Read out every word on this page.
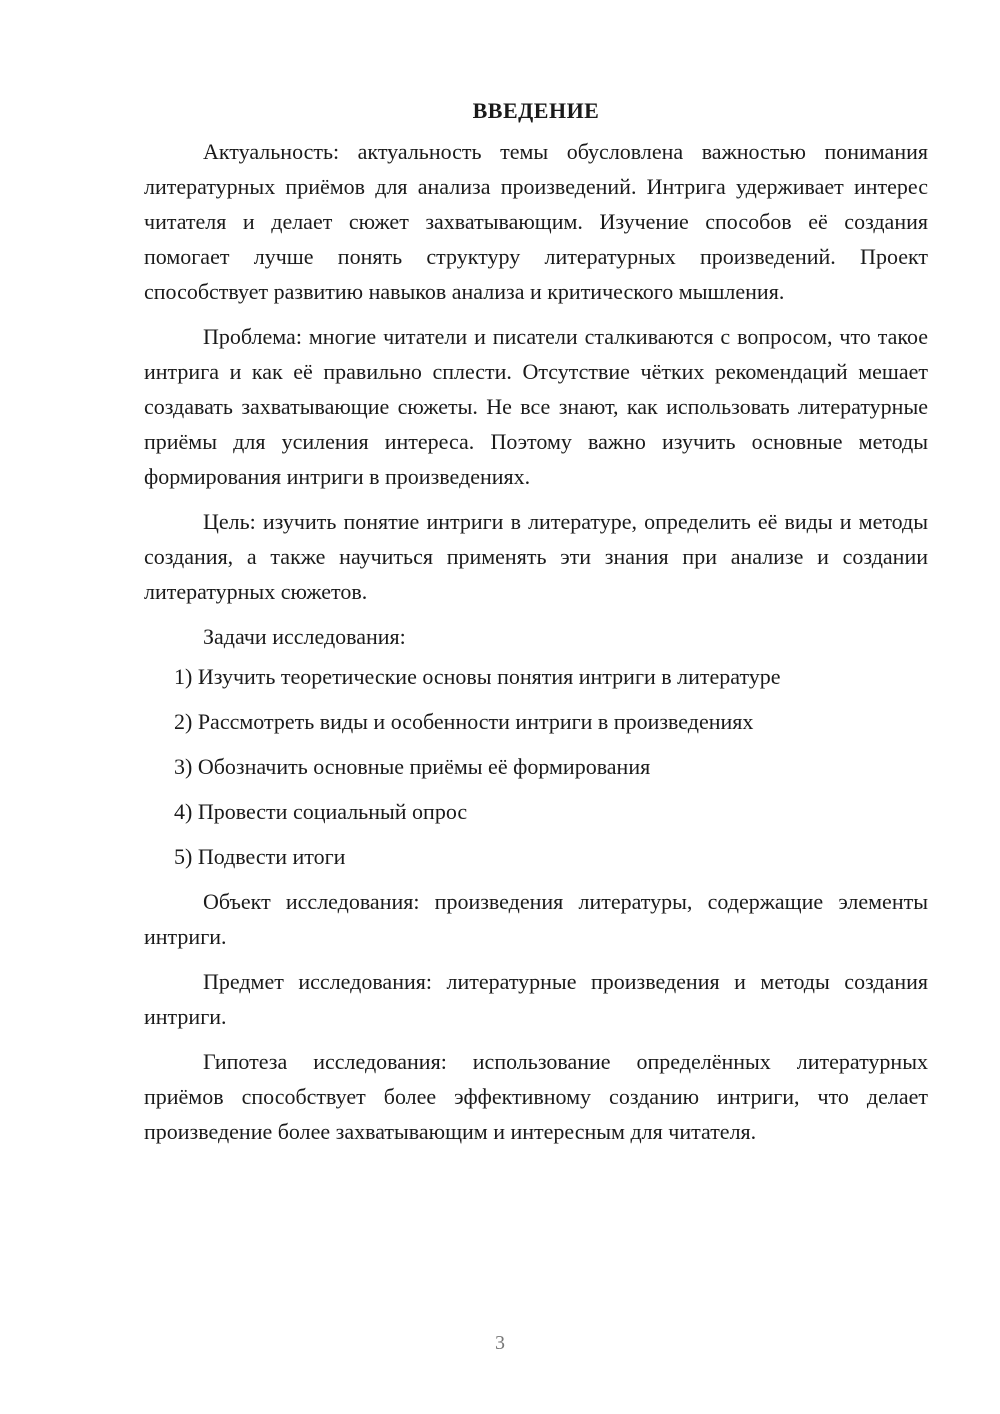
ВВЕДЕНИЕ

Актуальность: актуальность темы обусловлена важностью понимания литературных приёмов для анализа произведений. Интрига удерживает интерес читателя и делает сюжет захватывающим. Изучение способов её создания помогает лучше понять структуру литературных произведений. Проект способствует развитию навыков анализа и критического мышления.

Проблема: многие читатели и писатели сталкиваются с вопросом, что такое интрига и как её правильно сплести. Отсутствие чётких рекомендаций мешает создавать захватывающие сюжеты. Не все знают, как использовать литературные приёмы для усиления интереса. Поэтому важно изучить основные методы формирования интриги в произведениях.

Цель: изучить понятие интриги в литературе, определить её виды и методы создания, а также научиться применять эти знания при анализе и создании литературных сюжетов.

Задачи исследования:

1) Изучить теоретические основы понятия интриги в литературе
2) Рассмотреть виды и особенности интриги в произведениях
3) Обозначить основные приёмы её формирования
4) Провести социальный опрос
5) Подвести итоги

Объект исследования: произведения литературы, содержащие элементы интриги.

Предмет исследования: литературные произведения и методы создания интриги.

Гипотеза исследования: использование определённых литературных приёмов способствует более эффективному созданию интриги, что делает произведение более захватывающим и интересным для читателя.

3
